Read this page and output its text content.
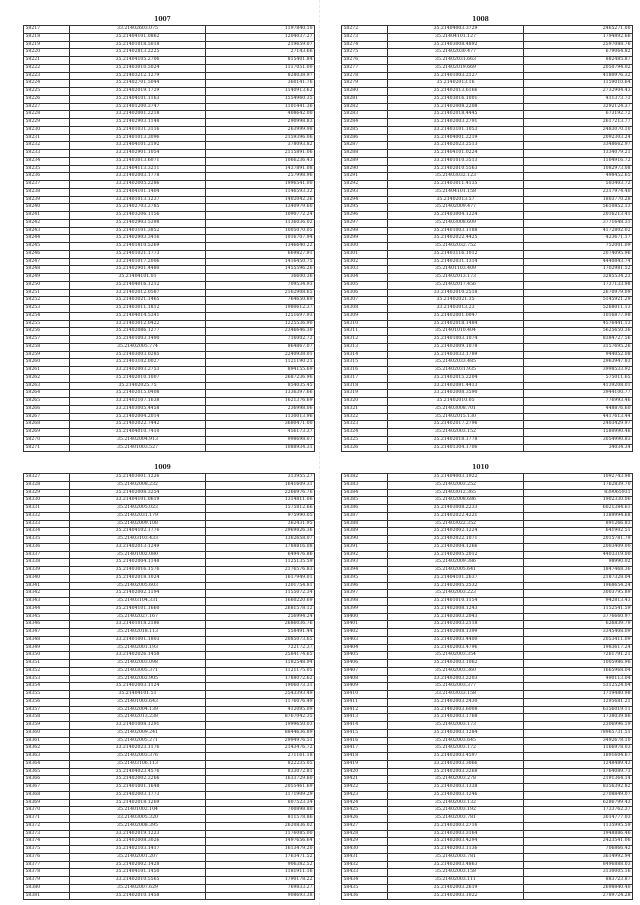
1007
58217	33.21402603.075	1197840.10
58218	35.21404101.0862	1204037.27
58219	35.21401018.5018	219659.07
58220	35.21402813.2225	27143.66
58221	35.21404105.2706	815401.84
58222	35.21403010.5024	1117051.00
58223	35.21403212.1279	828038.97
58224	35.21402701.5044	360141.76
58225	35.21402019.1729	1140913.62
58226	35.21404101.1163	1554960.35
58227	35.21401200.3747	1101441.36
58228	33.21402001.2218	408642.00
58229	35.21402903.1148	290998.83
58230	35.21401031.3116	263999.98
58231	35.21401013.3096	2159396.06
58232	33.21404101.2192	378093.82
58233	33.21402901.1054	2115891.06
58234	35.21403013.6071	1066236.43
58235	33.21404113.3211	1437891.08
58236	33.21402003.1778	257998.96
58237	33.21402005.2286	1996541.00
58238	35.21404101.1404	1146593.32
58239	33.21401013.1237	1402042.36
58240	35.21402703.2785	1340979.60
58241	35.21403206.1156	1090772.24
58242	35.21402903.5398	1136036.02
58243	35.21403101.3852	1005070.05
58244	35.21402903.3416	1016707.94
58245	35.21401810.5269	1346640.22
58246	35.21401021.1773	669827.91
58247	33.21401017.2006	1416450.75
58248	35.21402901.4480	1455596.26
58249	35.21404101.01	36600.36
58250	35.21404016.1212	709534.93
58251	33.21402012.0587	2162908.65
58252	35.21403021.1465	764650.89
58253	35.21403011.1812	1980612.37
58254	35.21404014.5341	1251697.93
58255	33.21403012.0422	1225536.90
58256	35.21402086.1277	2346646.30
58257	35.21401003.1490	716002.72
58258	35.21402005.774	864867.07
58259	35.21403003.0285	2240938.01
58260	35.21403102.0027	1121190.21
58261	33.21402003.2753	894155.69
58262	35.21402010.1007	2687236.96
58263	35.21402025.75	854035.45
58264	35.21402015.0408	1336397.66
58265	33.21402107.1638	1621376.69
58266	33.21403005.4458	236998.06
58267	35.21402004.2014	1130013.96
58268	35.21402022.7442	3680471.00
58269	35.21404010.7410	456173.37
58270	35.21402004.913	998698.07
58271	35.21401003.527	1088934.31
1008
58272	35.21404003.3729	2465271.00
58273	35.21404101.127	1794892.66
58274	35.21403008.4892	2597088.76
58275	35.21402030.477	679064.82
58276	35.21402031.663	882485.87
58277	35.21402019.669	2050794.02
58278	35.21401003.2127	4180976.32
58279	35.21402013.16	1159010.64
58280	35.21402013.6166	2732904.43
58281	35.21403016.1001	411373.73
58282	35.21402008.2208	3292124.37
58283	35.21402018.4445	673192.72
58284	35.21402003.2791	2617213.77
58285	33.21403101.1053	2483070.10
58286	35.21404001.2219	2092303.24
58287	35.21402023.2513	3348662.97
58288	35.21404101.0224	1334079.21
58289	33.21401010.3513	1104916.72
58290	35.21402010.5563	1082973.08
58291	35.21403032.123	498452.65
58292	35.21403011.4135	503403.72
58293	35.21404101.158	2317974.40
58294	35.21402013.57	1803770.28
58295	35.21402009.477	5610852.13
58296	35.21403004.1224	2016213.41
58297	35.21403008.609	3771648.31
58298	35.21401003.1188	4172802.02
58299	35.21402022.4425	423671.17
58300	35.21402032.752	752001.09
58301	35.21403116.1012	2074095.96
58302	35.21402031.1314	4440843.74
58303	35.21401103.409	1702981.52
58304	35.21402013.173	3285534.23
58305	35.21402017.456	1737133.98
58306	33.21402010.2518	2670979.09
58307	35.21402021.35	5145921.29
58308	33.21403013.23	5268011.13
58309	35.21402001.0047	1016877.98
58310	35.21402018.1484	4576441.13
58311	35.21401010.404	5625650.36
58312	35.21401003.1074	8384727.56
58313	35.21402009.1078	3157695.26
58314	35.21403033.1789	944052.08
58315	35.21402033.485	2963947.83
58316	35.21402031.935	3998533.92
58317	35.21402015.2204	575011.65
58318	33.21402081.4413	4139208.01
58319	33.21402008.3590	3944100.77
58320	35.21402010.05	776993.46
58321	35.21403008.701	448876.60
58322	35.21402015.130	4417613.44
58323	35.21402017.2796	2403429.97
58324	35.21402003.152	1580990.46
58325	35.21402018.1778	3054990.83
58326	35.21401304.1706	34034.34
1009
58327	35.21403001.1226	313955.27
58328	35.21402008.232	1641609.31
58329	35.21402008.3254	2266976.76
58330	33.21404101.0619	1314811.06
58331	35.21402005.023	1575812.66
58332	35.21402031.179	975990.05
58333	35.21402009.108	362431.95
58334	35.21404102.1776	2969826.36
58335	35.21403103.433	1362658.07
58336	33.21402013.1249	1788816.08
58337	35.21401002.080	649476.86
58338	35.21402004.1148	1125135.59
58339	35.21403016.1576	2176576.83
58340	35.21402018.1024	1617949.01
58341	35.21402005.603	1201754.81
58342	35.21402002.1194	1155072.34
58343	35.21403104.331	1660220.69
58344	35.21404101.1660	2681578.12
58345	35.21402027.167	256994.24
58346	33.21401018.2186	2686036.76
58347	35.21402018.113	558491.44
58348	33.21401001.1803	2085073.65
58349	35.21402001.193	722172.37
58350	33.21402026.1458	2584174.65
58351	35.21402003.098	1182548.94
58352	35.21403005.371	1121175.05
58353	35.21402002.905	1788072.62
58354	35.21402003.1124	1906073.31
58355	35.21404101.51	2543393.49
58356	35.21401003.643	1176076.49
58357	35.21402004.139	412095.09
58358	35.21402013.238	8767042.35
58359	33.21401008.1291	1999650.03
58360	35.21402009.241	8844636.89
58361	35.21402005.271	2994976.51
58362	33.21402023.1176	2143476.72
58363	35.21402003.376	271161.18
58364	35.21403106.113	822235.05
58365	35.21404023.4576	833072.81
58366	35.21402002.2266	1633729.60
58367	35.21401001.1648	2055461.69
58368	35.21402003.1773	1171909.29
58369	35.21402018.1269	807523.34
58370	35.21401002.104	700898.80
58371	33.21403005.320	811578.86
58372	35.21402008.395	2620836.02
58373	33.21402019.1223	1176085.00
58374	35.21402008.3026	1497656.64
58375	35.21402103.1417	1613479.20
58376	35.21402001.207	1763471.52
58377	35.21402002.1428	906382.52
58378	35.21404101.1450	1181911.16
58379	33.21402010.5565	1790178.22
58380	35.21402007.629	769833.27
58381	35.21402010.1458	908693.38
1010
58382	35.21404003.1922	1092743.98
58383	35.21402003.252	1762839.70
58384	35.21403012.365	839065931
58385	35.21402008.686	1902330.06
58386	35.21403008.2233	6021384.61
58387	35.21402022.4221	1389994.68
58388	35.21403022.352	891266.83
58389	35.21402002.1224	641902.51
58390	35.21402022.1071	2015781.79
58391	35.21402004.1266	2003409.00
58392	35.21402005.2012	4403319.00
58393	35.21402009.386	98990.02
58394	35.21402005.641	1847468.36
58395	35.21404101.2637	2187328.04
58396	35.21402005.2532	1968654.24
58397	35.21402003.223	3003795.89
58398	35.21401010.1154	942813.43
58399	35.21402008.1243	1152541.59
58400	35.21402003.2043	3776660.97
58401	35.21402003.2118	626839.79
58402	35.21402008.1399	3345408.09
58403	35.21402003.4400	2053411.09
58404	35.21402003.4796	1983617.24
58405	35.21402003.354	7261791.21
58406	35.21402003.1062	1005986.96
58407	35.21402003.360	1665968.04
58408	33.21402003.2203	490113.04
58409	35.21402003.377	5312524.04
58410	33.21403033.158	1719480.98
58411	35.21402003.2430	1295681.21
58412	35.21402003.6008	6356019.11
58413	35.21402003.1768	1738039.86
58414	35.21402003.173	2306996.19
58415	35.21402003.1284	78965731.51
58416	35.21402003.645	3492678.10
58417	35.21402003.172	1166978.03
58418	35.21402003.4597	1891604.67
58419	33.21402003.3066	1248489.43
58420	35.21402003.3268	1764089.73
58421	35.21402003.278	2191364.14
58422	35.21402003.1338	8356392.82
58423	35.21402003.1246	2708849.07
58424	35.21402003.132	6286799.43
58425	35.21402003.192	1733762.37
58426	35.21402003.781	3014777.03
58427	35.21402003.2716	1135995.59
58428	35.21402003.3164	1948886.46
58429	35.21402003.4294	2423541.06
58430	35.21402003.1136	706866.42
58431	35.21402003.781	3614992.94
58432	35.21402003.4863	8496888.03
58433	35.21402003.158	3130005.16
58434	35.21402003.111	883723.87
58435	35.21402003.2619	2698840.40
58436	35.21402003.1022	2789724.28
